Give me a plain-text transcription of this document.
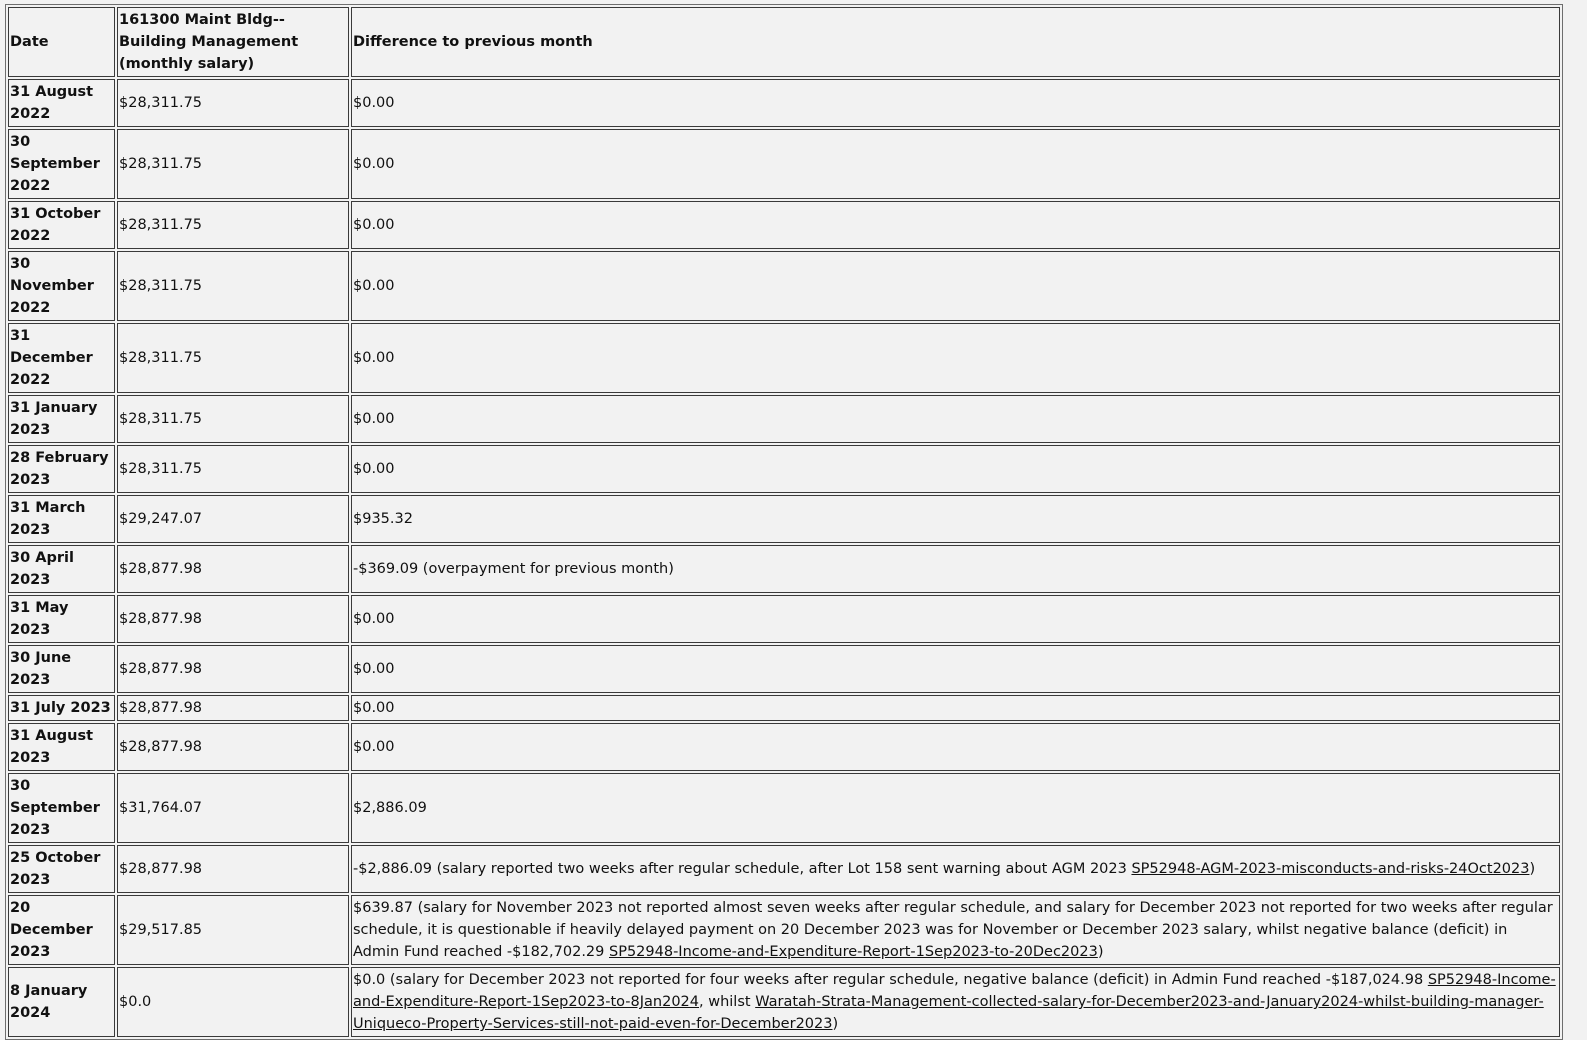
Date	161300 Maint Bldg--Building Management (monthly salary)	Difference to previous month
31 August 2022	$28,311.75	$0.00
30 September 2022	$28,311.75	$0.00
31 October 2022	$28,311.75	$0.00
30 November 2022	$28,311.75	$0.00
31 December 2022	$28,311.75	$0.00
31 January 2023	$28,311.75	$0.00
28 February 2023	$28,311.75	$0.00
31 March 2023	$29,247.07	$935.32
30 April 2023	$28,877.98	-$369.09 (overpayment for previous month)
31 May 2023	$28,877.98	$0.00
30 June 2023	$28,877.98	$0.00
31 July 2023	$28,877.98	$0.00
31 August 2023	$28,877.98	$0.00
30 September 2023	$31,764.07	$2,886.09
25 October 2023	$28,877.98	-$2,886.09 (salary reported two weeks after regular schedule, after Lot 158 sent warning about AGM 2023 SP52948-AGM-2023-misconducts-and-risks-24Oct2023)
20 December 2023	$29,517.85	$639.87 (salary for November 2023 not reported almost seven weeks after regular schedule, and salary for December 2023 not reported for two weeks after regular schedule, it is questionable if heavily delayed payment on 20 December 2023 was for November or December 2023 salary, whilst negative balance (deficit) in Admin Fund reached -$182,702.29 SP52948-Income-and-Expenditure-Report-1Sep2023-to-20Dec2023)
8 January 2024	$0.0	$0.0 (salary for December 2023 not reported for four weeks after regular schedule, negative balance (deficit) in Admin Fund reached -$187,024.98 SP52948-Income-and-Expenditure-Report-1Sep2023-to-8Jan2024, whilst Waratah-Strata-Management-collected-salary-for-December2023-and-January2024-whilst-building-manager-Uniqueco-Property-Services-still-not-paid-even-for-December2023)
